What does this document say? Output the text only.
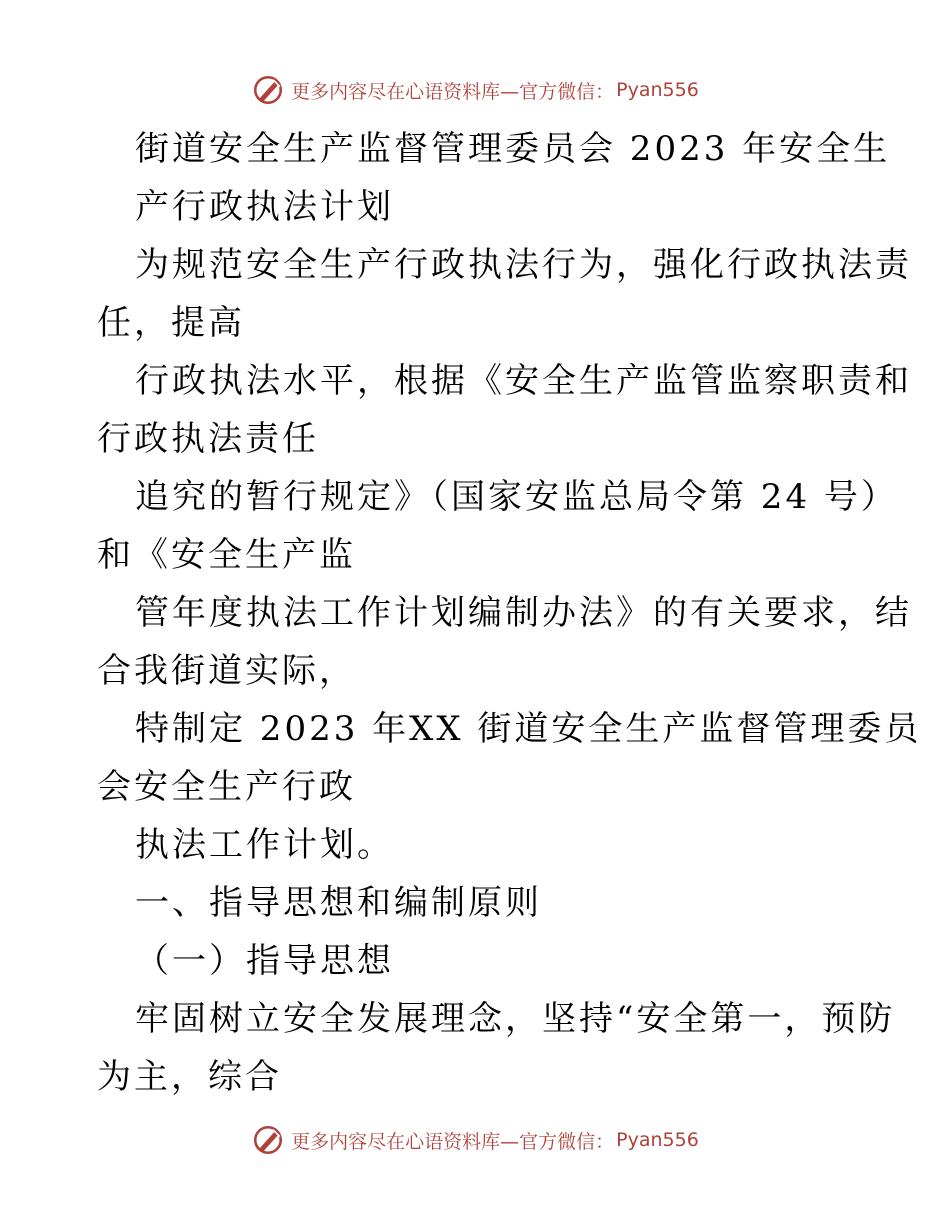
更多内容尽在心语资料库—官方微信： Pyan556
街道安全生产监督管理委员会 2023 年安全生
产行政执法计划
为规范安全生产行政执法行为，强化行政执法责
任，提高
行政执法水平，根据《安全生产监管监察职责和
行政执法责任
追究的暂行规定》（国家安监总局令第 24 号）
和《安全生产监
管年度执法工作计划编制办法》的有关要求，结
合我街道实际，
特制定 2023 年XX 街道安全生产监督管理委员
会安全生产行政
执法工作计划。
一、指导思想和编制原则
（一）指导思想
牢固树立安全发展理念，坚持“安全第一，预防
为主，综合
更多内容尽在心语资料库—官方微信： Pyan556
